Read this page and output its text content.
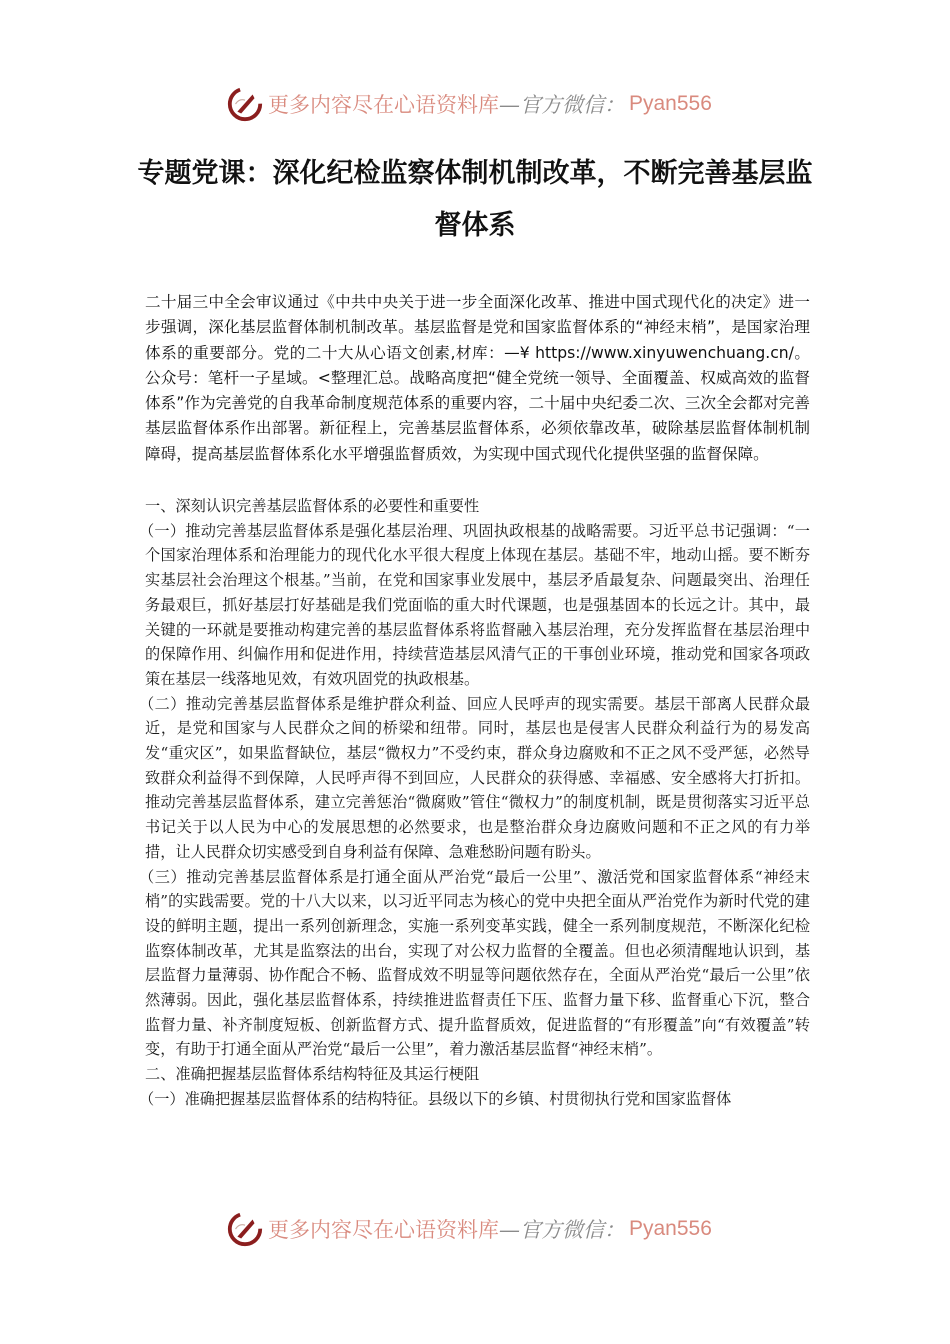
更多内容尽在心语资料库 —官方微信： Pyan556
专题党课：深化纪检监察体制机制改革，不断完善基层监督体系
二十届三中全会审议通过《中共中央关于进一步全面深化改革、推进中国式现代化的决定》进一步强调，深化基层监督体制机制改革。基层监督是党和国家监督体系的“神经末梢”，是国家治理体系的重要部分。党的二十大从心语文创素,材库：—¥ https://www.xinyuwenchuang.cn/。公众号：笔杆一子星域。<整理汇总。战略高度把“健全党统一领导、全面覆盖、权威高效的监督体系”作为完善党的自我革命制度规范体系的重要内容，二十届中央纪委二次、三次全会都对完善基层监督体系作出部署。新征程上，完善基层监督体系，必须依靠改革，破除基层监督体制机制障碍，提高基层监督体系化水平增强监督质效，为实现中国式现代化提供坚强的监督保障。

一、深刻认识完善基层监督体系的必要性和重要性

（一）推动完善基层监督体系是强化基层治理、巩固执政根基的战略需要。习近平总书记强调：“一个国家治理体系和治理能力的现代化水平很大程度上体现在基层。基础不牢，地动山摇。要不断夯实基层社会治理这个根基。”当前，在党和国家事业发展中，基层矛盾最复杂、问题最突出、治理任务最艰巨，抓好基层打好基础是我们党面临的重大时代课题，也是强基固本的长远之计。其中，最关键的一环就是要推动构建完善的基层监督体系将监督融入基层治理，充分发挥监督在基层治理中的保障作用、纠偏作用和促进作用，持续营造基层风清气正的干事创业环境，推动党和国家各项政策在基层一线落地见效，有效巩固党的执政根基。

（二）推动完善基层监督体系是维护群众利益、回应人民呼声的现实需要。基层干部离人民群众最近，是党和国家与人民群众之间的桥梁和纽带。同时，基层也是侵害人民群众利益行为的易发高发“重灾区”，如果监督缺位，基层“微权力”不受约束，群众身边腐败和不正之风不受严惩，必然导致群众利益得不到保障，人民呼声得不到回应，人民群众的获得感、幸福感、安全感将大打折扣。推动完善基层监督体系，建立完善惩治“微腐败”管住“微权力”的制度机制，既是贯彻落实习近平总书记关于以人民为中心的发展思想的必然要求，也是整治群众身边腐败问题和不正之风的有力举措，让人民群众切实感受到自身利益有保障、急难愁盼问题有盼头。

（三）推动完善基层监督体系是打通全面从严治党“最后一公里”、激活党和国家监督体系“神经末梢”的实践需要。党的十八大以来，以习近平同志为核心的党中央把全面从严治党作为新时代党的建设的鲜明主题，提出一系列创新理念，实施一系列变革实践，健全一系列制度规范，不断深化纪检监察体制改革，尤其是监察法的出台，实现了对公权力监督的全覆盖。但也必须清醒地认识到，基层监督力量薄弱、协作配合不畅、监督成效不明显等问题依然存在，全面从严治党“最后一公里”依然薄弱。因此，强化基层监督体系，持续推进监督责任下压、监督力量下移、监督重心下沉，整合监督力量、补齐制度短板、创新监督方式、提升监督质效，促进监督的“有形覆盖”向“有效覆盖”转变，有助于打通全面从严治党“最后一公里”，着力激活基层监督“神经末梢”。

二、准确把握基层监督体系结构特征及其运行梗阻

（一）准确把握基层监督体系的结构特征。县级以下的乡镇、村贯彻执行党和国家监督体

更多内容尽在心语资料库 —官方微信： Pyan556
